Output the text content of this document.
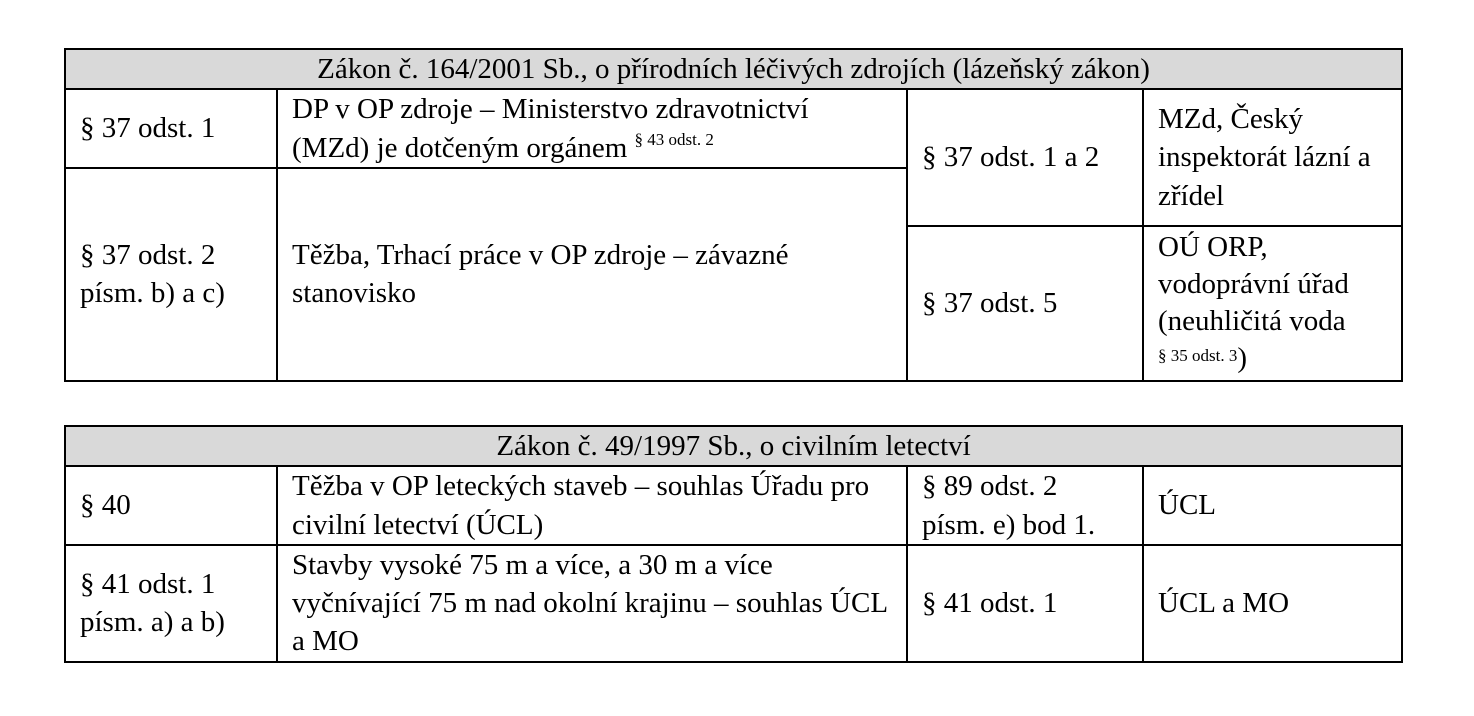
Zákon č. 164/2001 Sb., o přírodních léčivých zdrojích (lázeňský zákon)			
§ 37 odst. 1	DP v OP zdroje – Ministerstvo zdravotnictví (MZd) je dotčeným orgánem $^{\S 43 odst. 2}$	§ 37 odst. 1 a 2	MZd, Český inspektorát lázní a zřídel
§ 37 odst. 2 písm. b) a c)	Těžba, Trhací práce v OP zdroje – závazné stanovisko		
		§ 37 odst. 5	OÚ ORP, vodoprávní úřad (neuhličitá voda
$^{\S 35 odst. 3}$)
Zákon č. 49/1997 Sb., o civilním letectví			
§ 40	Těžba v OP leteckých staveb – souhlas Úřadu pro civilní letectví (ÚCL)	§ 89 odst. 2 písm. e) bod 1.	ÚCL
§ 41 odst. 1 písm. a) a b)	Stavby vysoké 75 m a více, a 30 m a více vyčnívající 75 m nad okolní krajinu – souhlas ÚCL a MO	§ 41 odst. 1	ÚCL a MO
